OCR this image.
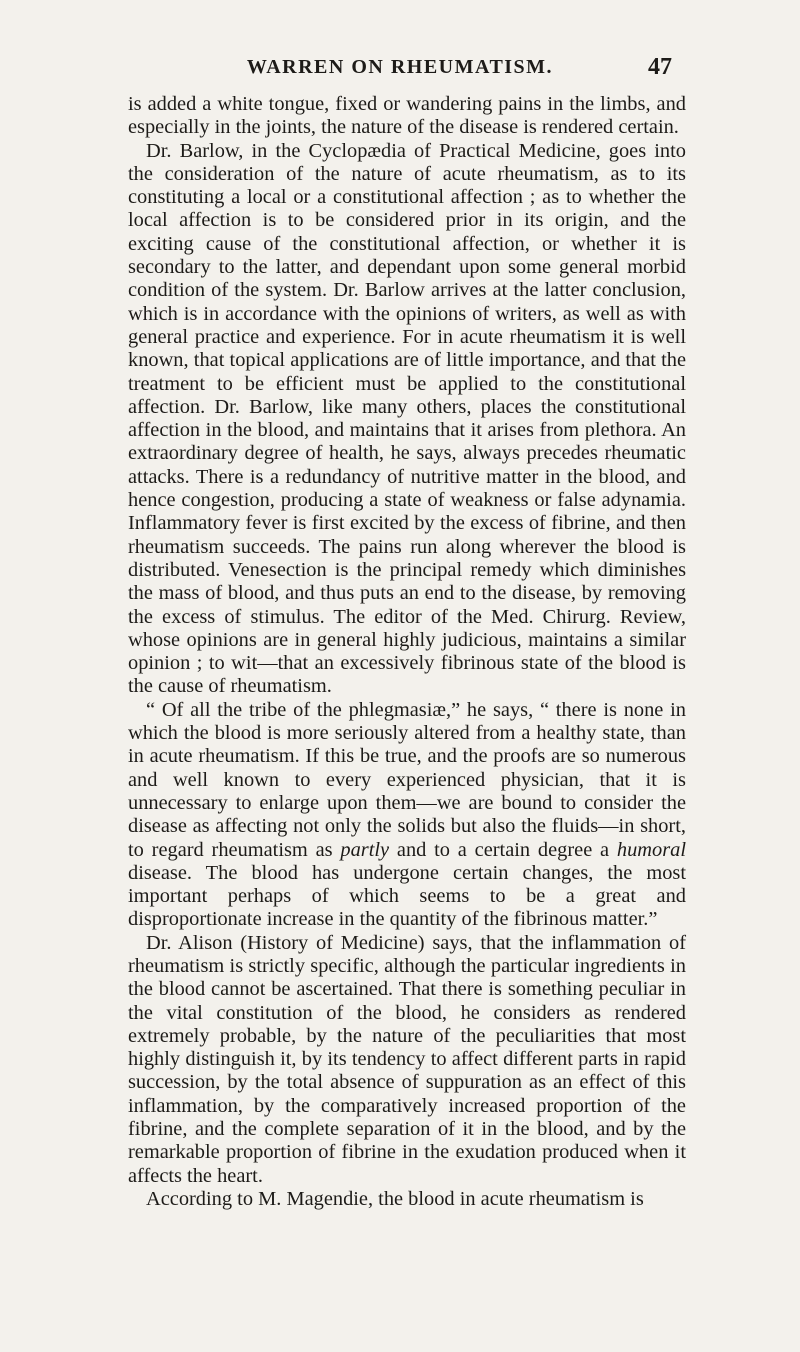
WARREN ON RHEUMATISM.	47

is added a white tongue, fixed or wandering pains in the limbs, and especially in the joints, the nature of the disease is rendered certain.

Dr. Barlow, in the Cyclopædia of Practical Medicine, goes into the consideration of the nature of acute rheumatism, as to its constituting a local or a constitutional affection ; as to whether the local affection is to be considered prior in its origin, and the exciting cause of the constitutional affection, or whether it is secondary to the latter, and dependant upon some general morbid condition of the system. Dr. Barlow arrives at the latter conclusion, which is in accordance with the opinions of writers, as well as with general practice and experience. For in acute rheumatism it is well known, that topical applications are of little importance, and that the treatment to be efficient must be applied to the constitutional affection. Dr. Barlow, like many others, places the constitutional affection in the blood, and maintains that it arises from plethora. An extraordinary degree of health, he says, always precedes rheumatic attacks. There is a redundancy of nutritive matter in the blood, and hence congestion, producing a state of weakness or false adynamia. Inflammatory fever is first excited by the excess of fibrine, and then rheumatism succeeds. The pains run along wherever the blood is distributed. Venesection is the principal remedy which diminishes the mass of blood, and thus puts an end to the disease, by removing the excess of stimulus. The editor of the Med. Chirurg. Review, whose opinions are in general highly judicious, maintains a similar opinion ; to wit—that an excessively fibrinous state of the blood is the cause of rheumatism.

“ Of all the tribe of the phlegmasiæ,” he says, “ there is none in which the blood is more seriously altered from a healthy state, than in acute rheumatism. If this be true, and the proofs are so numerous and well known to every experienced physician, that it is unnecessary to enlarge upon them—we are bound to consider the disease as affecting not only the solids but also the fluids—in short, to regard rheumatism as partly and to a certain degree a humoral disease. The blood has undergone certain changes, the most important perhaps of which seems to be a great and disproportionate increase in the quantity of the fibrinous matter.”

Dr. Alison (History of Medicine) says, that the inflammation of rheumatism is strictly specific, although the particular ingredients in the blood cannot be ascertained. That there is something peculiar in the vital constitution of the blood, he considers as rendered extremely probable, by the nature of the peculiarities that most highly distinguish it, by its tendency to affect different parts in rapid succession, by the total absence of suppuration as an effect of this inflammation, by the comparatively increased proportion of the fibrine, and the complete separation of it in the blood, and by the remarkable proportion of fibrine in the exudation produced when it affects the heart.

According to M. Magendie, the blood in acute rheumatism is
